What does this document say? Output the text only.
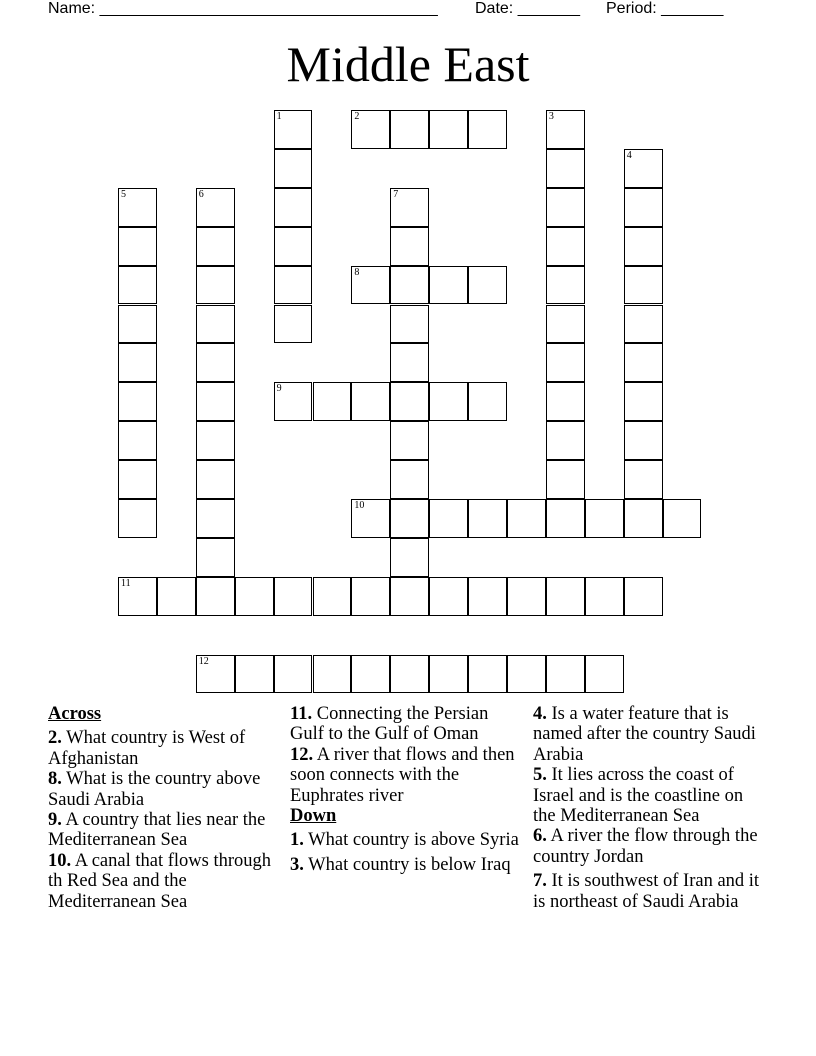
Name: ______________________________________ Date: _______ Period: _______
Middle East
1	2	3
4
5	6	7
8
9
10
11
12
Across
2. What country is West of Afghanistan
8. What is the country above Saudi Arabia
9. A country that lies near the Mediterranean Sea
10. A canal that flows through th Red Sea and the Mediterranean Sea
11. Connecting the Persian Gulf to the Gulf of Oman
12. A river that flows and then soon connects with the Euphrates river
Down
1. What country is above Syria
3. What country is below Iraq
4. Is a water feature that is named after the country Saudi Arabia
5. It lies across the coast of Israel and is the coastline on the Mediterranean Sea
6. A river the flow through the country Jordan
7. It is southwest of Iran and it is northeast of Saudi Arabia
